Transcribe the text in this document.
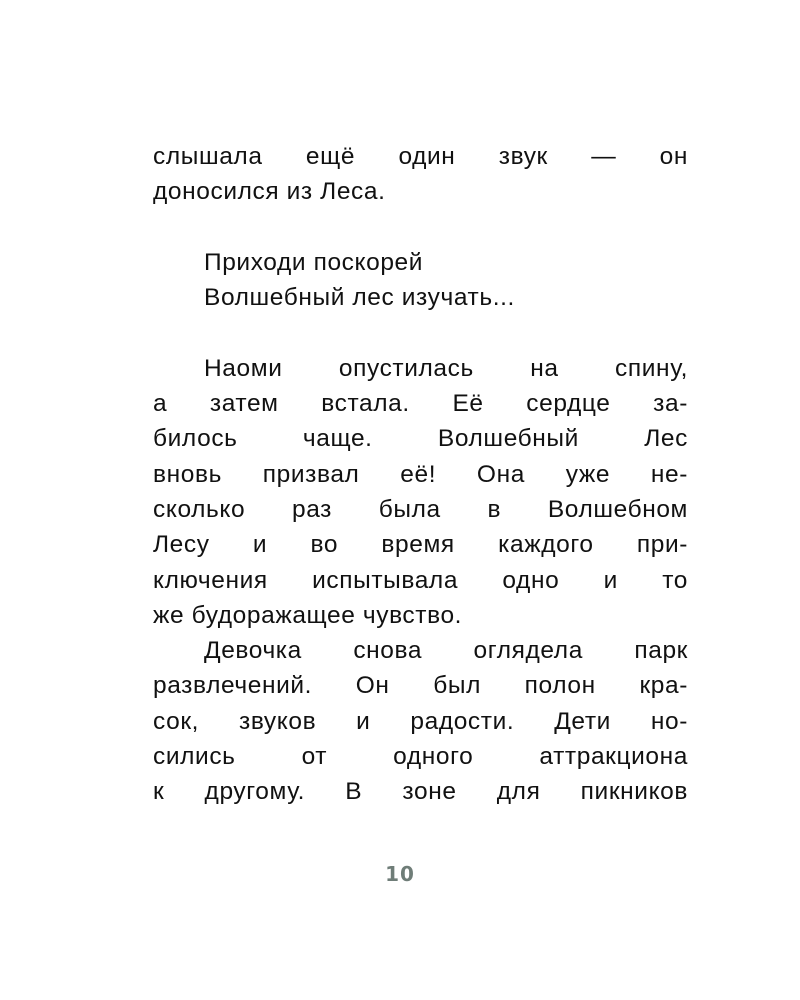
слышала ещё один звук — он
доносился из Леса.
Приходи поскорей
Волшебный лес изучать...
Наоми опустилась на спину,
а затем встала. Её сердце за-
билось чаще. Волшебный Лес
вновь призвал её! Она уже не-
сколько раз была в Волшебном
Лесу и во время каждого при-
ключения испытывала одно и то
же будоражащее чувство.
Девочка снова оглядела парк
развлечений. Он был полон кра-
сок, звуков и радости. Дети но-
сились от одного аттракциона
к другому. В зоне для пикников
10
